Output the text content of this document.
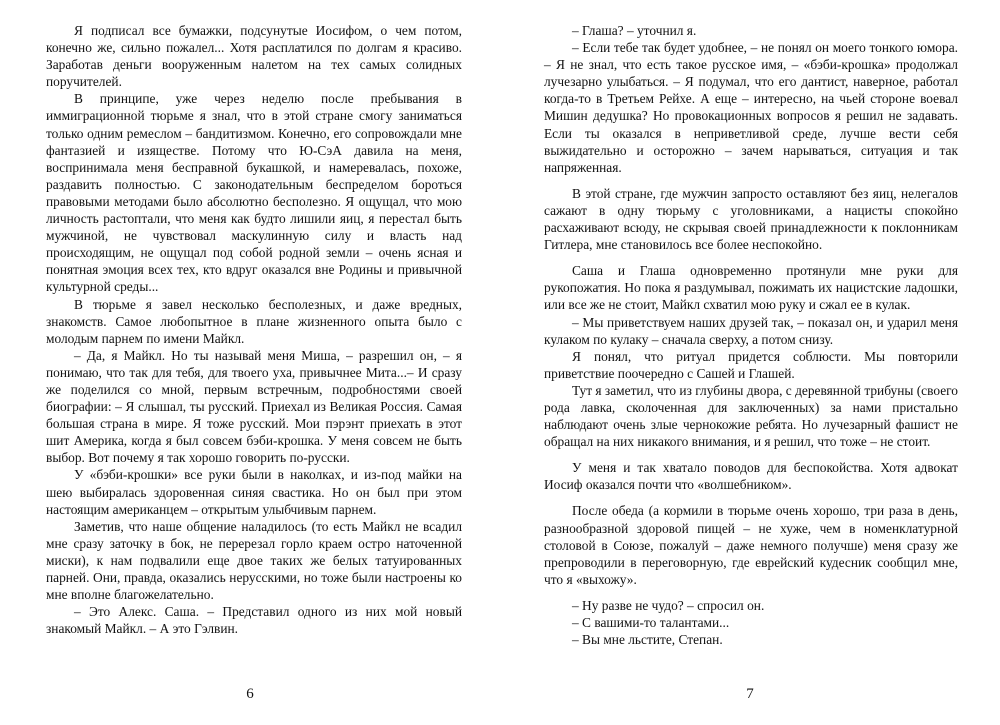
Я подписал все бумажки, подсунутые Иосифом, о чем потом, конечно же, сильно пожалел... Хотя расплатился по долгам я красиво. Заработав деньги вооруженным налетом на тех самых солидных поручителей.

В принципе, уже через неделю после пребывания в иммиграционной тюрьме я знал, что в этой стране смогу заниматься только одним ремеслом – бандитизмом. Конечно, его сопровождали мне фантазией и изяществе. Потому что Ю-СэА давила на меня, воспринимала меня бесправной букашкой, и намеревалась, похоже, раздавить полностью. С законодательным беспределом бороться правовыми методами было абсолютно бесполезно. Я ощущал, что мою личность растоптали, что меня как будто лишили яиц, я перестал быть мужчиной, не чувствовал маскулинную силу и власть над происходящим, не ощущал под собой родной земли – очень ясная и понятная эмоция всех тех, кто вдруг оказался вне Родины и привычной культурной среды...

В тюрьме я завел несколько бесполезных, и даже вредных, знакомств. Самое любопытное в плане жизненного опыта было с молодым парнем по имени Майкл.

– Да, я Майкл. Но ты называй меня Миша, – разрешил он, – я понимаю, что так для тебя, для твоего уха, привычнее Мита...– И сразу же поделился со мной, первым встречным, подробностями своей биографии: – Я слышал, ты русский. Приехал из Великая Россия. Самая большая страна в мире. Я тоже русский. Мои пэрэнт приехать в этот шит Америка, когда я был совсем бэби-крошка. У меня совсем не быть выбор. Вот почему я так хорошо говорить по-русски.

У «бэби-крошки» все руки были в наколках, и из-под майки на шею выбиралась здоровенная синяя свастика. Но он был при этом настоящим американцем – открытым улыбчивым парнем.

Заметив, что наше общение наладилось (то есть Майкл не всадил мне сразу заточку в бок, не перерезал горло краем остро наточенной миски), к нам подвалили еще двое таких же белых татуированных парней. Они, правда, оказались нерусскими, но тоже были настроены ко мне вполне благожелательно.

– Это Алекс. Саша. – Представил одного из них мой новый знакомый Майкл. – А это Гэлвин.

6

– Глаша? – уточнил я.

– Если тебе так будет удобнее, – не понял он моего тонкого юмора. – Я не знал, что есть такое русское имя, – «бэби-крошка» продолжал лучезарно улыбаться. – Я подумал, что его дантист, наверное, работал когда-то в Третьем Рейхе. А еще – интересно, на чьей стороне воевал Мишин дедушка? Но провокационных вопросов я решил не задавать. Если ты оказался в неприветливой среде, лучше вести себя выжидательно и осторожно – зачем нарываться, ситуация и так напряженная.

В этой стране, где мужчин запросто оставляют без яиц, нелегалов сажают в одну тюрьму с уголовниками, а нацисты спокойно расхаживают всюду, не скрывая своей принадлежности к поклонникам Гитлера, мне становилось все более неспокойно.

Саша и Глаша одновременно протянули мне руки для рукопожатия. Но пока я раздумывал, пожимать их нацистские ладошки, или все же не стоит, Майкл схватил мою руку и сжал ее в кулак.

– Мы приветствуем наших друзей так, – показал он, и ударил меня кулаком по кулаку – сначала сверху, а потом снизу.

Я понял, что ритуал придется соблюсти. Мы повторили приветствие поочередно с Сашей и Глашей.

Тут я заметил, что из глубины двора, с деревянной трибуны (своего рода лавка, сколоченная для заключенных) за нами пристально наблюдают очень злые чернокожие ребята. Но лучезарный фашист не обращал на них никакого внимания, и я решил, что тоже – не стоит.

У меня и так хватало поводов для беспокойства. Хотя адвокат Иосиф оказался почти что «волшебником».

После обеда (а кормили в тюрьме очень хорошо, три раза в день, разнообразной здоровой пищей – не хуже, чем в номенклатурной столовой в Союзе, пожалуй – даже немного получше) меня сразу же препроводили в переговорную, где еврейский кудесник сообщил мне, что я «выхожу».

– Ну разве не чудо? – спросил он.

– С вашими-то талантами...

– Вы мне льстите, Степан.

7
